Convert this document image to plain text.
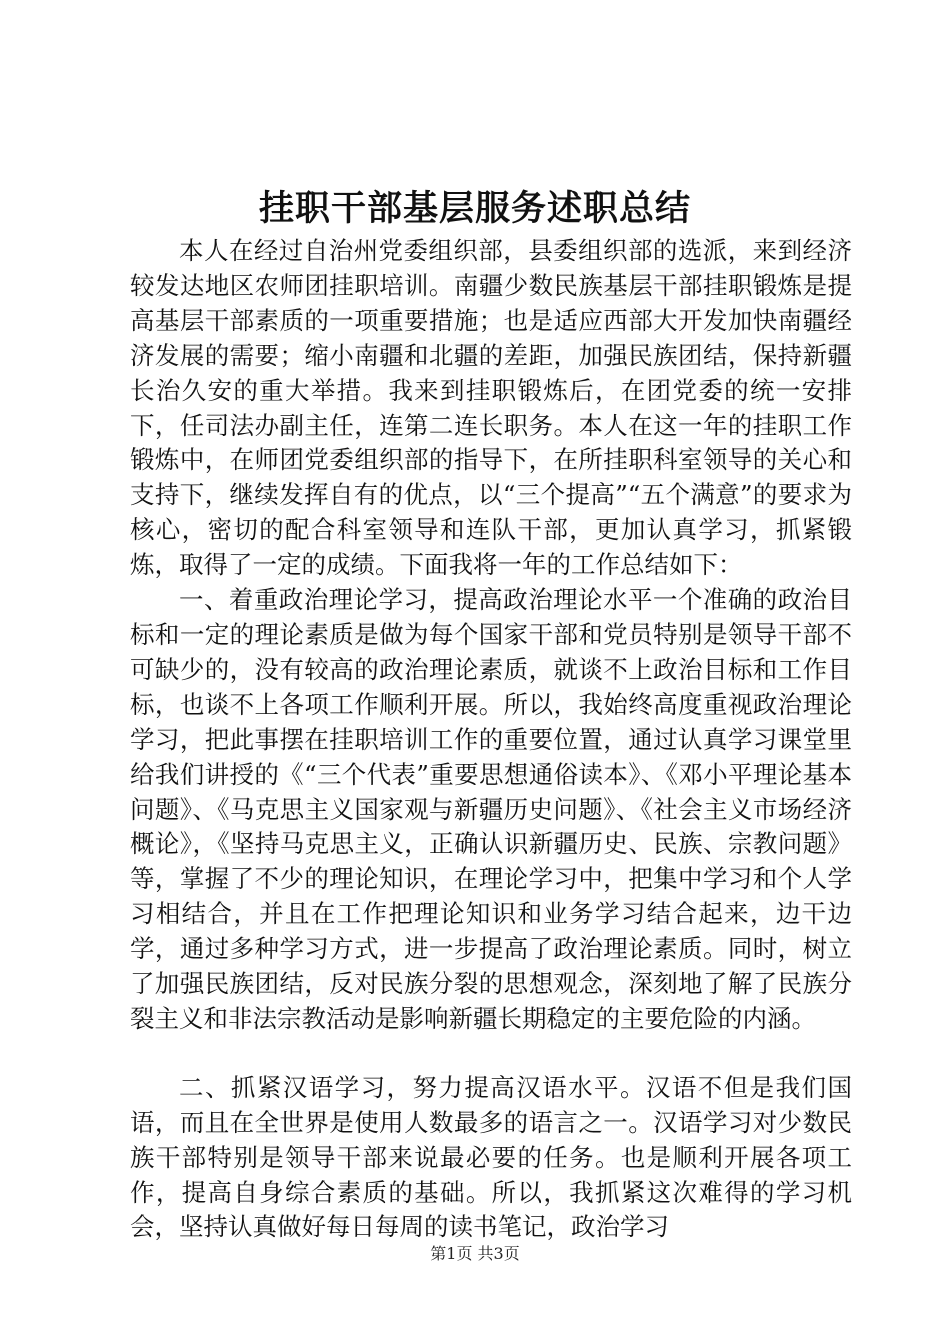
挂职干部基层服务述职总结

本人在经过自治州党委组织部，县委组织部的选派，来到经济较发达地区农师团挂职培训。南疆少数民族基层干部挂职锻炼是提高基层干部素质的一项重要措施；也是适应西部大开发加快南疆经济发展的需要；缩小南疆和北疆的差距，加强民族团结，保持新疆长治久安的重大举措。我来到挂职锻炼后，在团党委的统一安排下，任司法办副主任，连第二连长职务。本人在这一年的挂职工作锻炼中，在师团党委组织部的指导下，在所挂职科室领导的关心和支持下，继续发挥自有的优点，以“三个提高”“五个满意”的要求为核心，密切的配合科室领导和连队干部，更加认真学习，抓紧锻炼，取得了一定的成绩。下面我将一年的工作总结如下：

一、着重政治理论学习，提高政治理论水平一个准确的政治目标和一定的理论素质是做为每个国家干部和党员特别是领导干部不可缺少的，没有较高的政治理论素质，就谈不上政治目标和工作目标，也谈不上各项工作顺利开展。所以，我始终高度重视政治理论学习，把此事摆在挂职培训工作的重要位置，通过认真学习课堂里给我们讲授的《“三个代表”重要思想通俗读本》、《邓小平理论基本问题》、《马克思主义国家观与新疆历史问题》、《社会主义市场经济概论》，《坚持马克思主义，正确认识新疆历史、民族、宗教问题》等，掌握了不少的理论知识，在理论学习中，把集中学习和个人学习相结合，并且在工作把理论知识和业务学习结合起来，边干边学，通过多种学习方式，进一步提高了政治理论素质。同时，树立了加强民族团结，反对民族分裂的思想观念，深刻地了解了民族分裂主义和非法宗教活动是影响新疆长期稳定的主要危险的内涵。

二、抓紧汉语学习，努力提高汉语水平。汉语不但是我们国语，而且在全世界是使用人数最多的语言之一。汉语学习对少数民族干部特别是领导干部来说最必要的任务。也是顺利开展各项工作，提高自身综合素质的基础。所以，我抓紧这次难得的学习机会，坚持认真做好每日每周的读书笔记，政治学习

第1页 共3页
